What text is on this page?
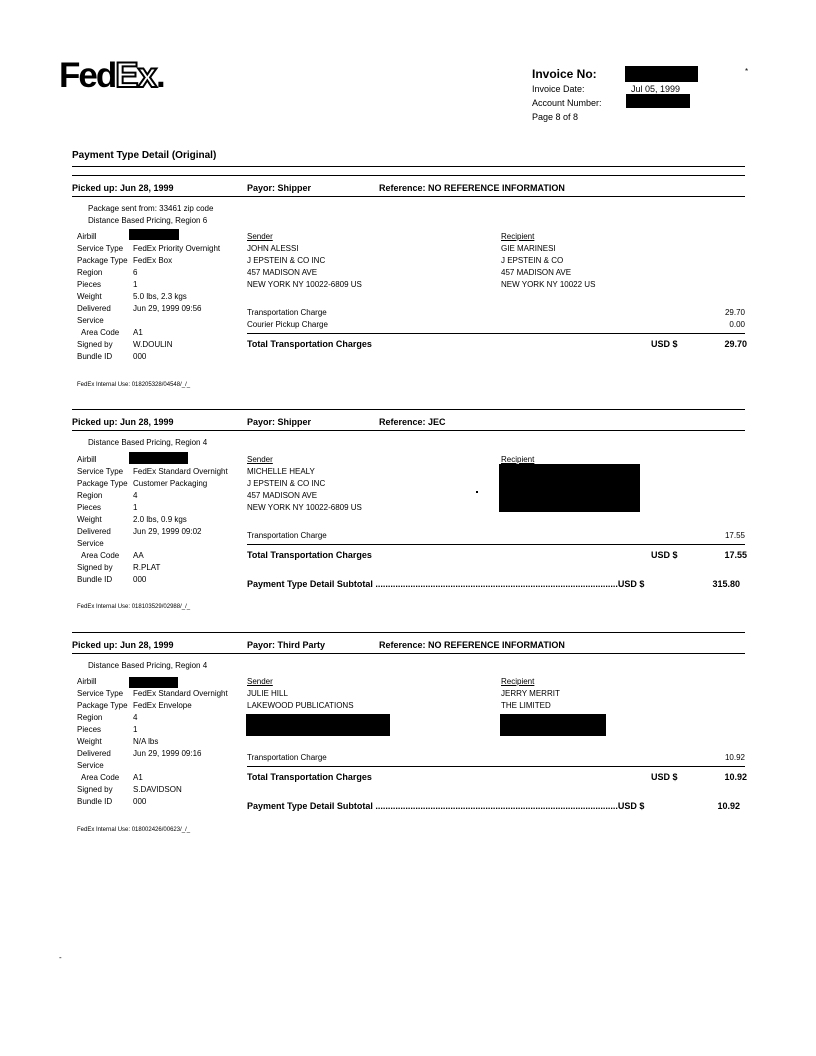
FedEx.	Invoice No:	*
Invoice Date:	Jul 05, 1999
Account Number:
Page 8 of 8
Payment Type Detail (Original)
Picked up: Jun 28, 1999	Payor: Shipper	Reference: NO REFERENCE INFORMATION
Package sent from: 33461 zip code
Distance Based Pricing, Region 6
Airbill
Service Type FedEx Priority Overnight
Package Type FedEx Box
Region	6
Pieces	1
Weight	5.0 lbs, 2.3 kgs
Delivered	Jun 29, 1999 09:56
Service
Area Code A1
Signed by	W.DOULIN
Bundle ID	000
Sender
JOHN ALESSI
J EPSTEIN & CO INC
457 MADISON AVE
NEW YORK NY 10022-6809 US
Recipient
GIE MARINESI
J EPSTEIN & CO
457 MADISON AVE
NEW YORK NY 10022 US
Transportation Charge	29.70
Courier Pickup Charge	0.00
Total Transportation Charges	USD $	29.70
FedEx Internal Use: 018205328/04548/_/_
Picked up: Jun 28, 1999	Payor: Shipper	Reference: JEC
Distance Based Pricing, Region 4
Airbill
Service Type FedEx Standard Overnight
Package Type Customer Packaging
Region	4
Pieces	1
Weight	2.0 lbs, 0.9 kgs
Delivered	Jun 29, 1999 09:02
Service
Area Code AA
Signed by	R.PLAT
Bundle ID	000
Sender
MICHELLE HEALY
J EPSTEIN & CO INC
457 MADISON AVE
NEW YORK NY 10022-6809 US
Recipient
Transportation Charge	17.55
Total Transportation Charges	USD $	17.55
Payment Type Detail Subtotal .................................................................................................USD $	315.80
FedEx Internal Use: 018103529/02988/_/_
Picked up: Jun 28, 1999	Payor: Third Party	Reference: NO REFERENCE INFORMATION
Distance Based Pricing, Region 4
Airbill
Service Type FedEx Standard Overnight
Package Type FedEx Envelope
Region	4
Pieces	1
Weight	N/A lbs
Delivered	Jun 29, 1999 09:16
Service
Area Code A1
Signed by	S.DAVIDSON
Bundle ID	000
Sender
JULIE HILL
LAKEWOOD PUBLICATIONS
Recipient
JERRY MERRIT
THE LIMITED
Transportation Charge	10.92
Total Transportation Charges	USD $	10.92
Payment Type Detail Subtotal .................................................................................................USD $	10.92
FedEx Internal Use: 018002426/00623/_/_
-
